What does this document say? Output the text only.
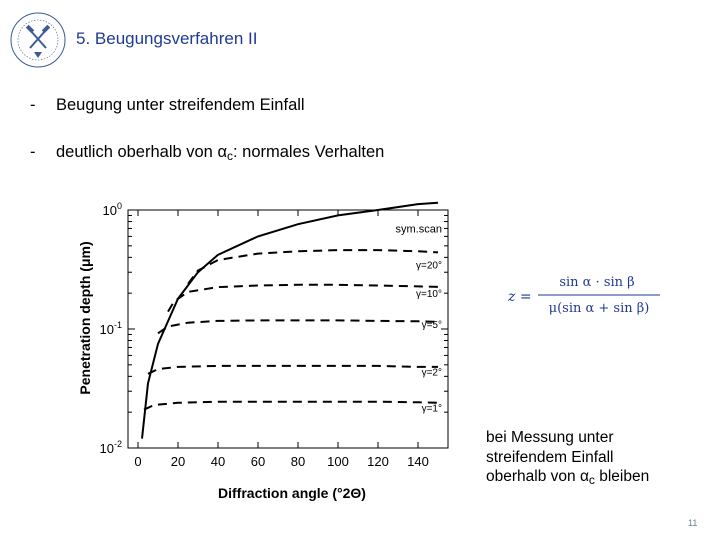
5. Beugungsverfahren II
- Beugung unter streifendem Einfall
- deutlich oberhalb von $\alpha_c$: normales Verhalten
0 20 40 60 80 100 120 140
$10^0$
$10^{-1}$
$10^{-2}$
sym.scan
γ=20°
γ=10°
γ=5°
γ=2°
γ=1°
Diffraction angle (°2Θ)
Penetration depth (μm)	z =
sin α · sin β
μ(sin α + sin β)
bei Messung unter
streifendem Einfall
oberhalb von $\alpha_c$ bleiben
11
